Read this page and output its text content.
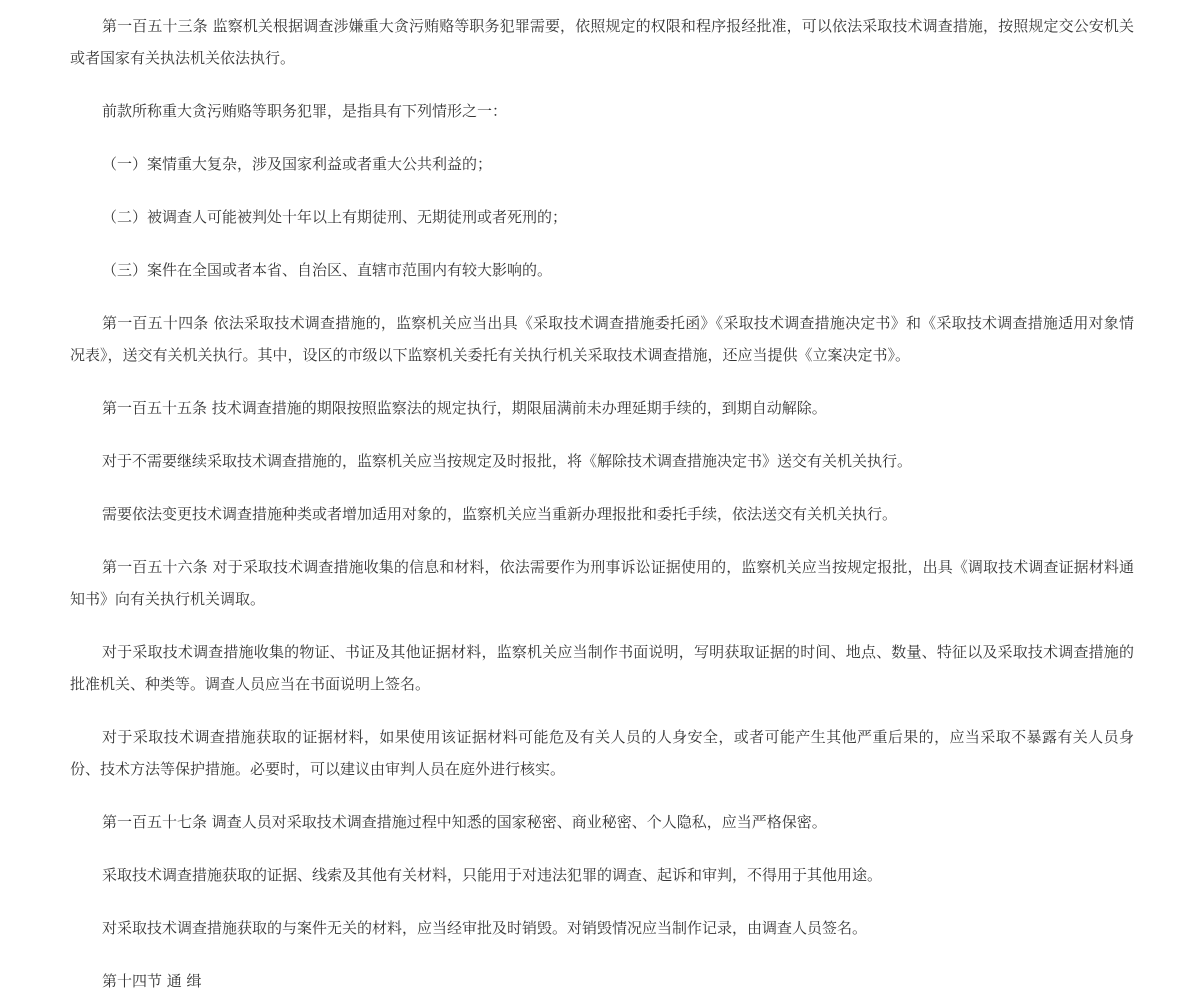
第一百五十三条 监察机关根据调查涉嫌重大贪污贿赂等职务犯罪需要，依照规定的权限和程序报经批准，可以依法采取技术调查措施，按照规定交公安机关或者国家有关执法机关依法执行。

前款所称重大贪污贿赂等职务犯罪，是指具有下列情形之一：

（一）案情重大复杂，涉及国家利益或者重大公共利益的；

（二）被调查人可能被判处十年以上有期徒刑、无期徒刑或者死刑的；

（三）案件在全国或者本省、自治区、直辖市范围内有较大影响的。

第一百五十四条 依法采取技术调查措施的，监察机关应当出具《采取技术调查措施委托函》《采取技术调查措施决定书》和《采取技术调查措施适用对象情况表》，送交有关机关执行。其中，设区的市级以下监察机关委托有关执行机关采取技术调查措施，还应当提供《立案决定书》。

第一百五十五条 技术调查措施的期限按照监察法的规定执行，期限届满前未办理延期手续的，到期自动解除。

对于不需要继续采取技术调查措施的，监察机关应当按规定及时报批，将《解除技术调查措施决定书》送交有关机关执行。

需要依法变更技术调查措施种类或者增加适用对象的，监察机关应当重新办理报批和委托手续，依法送交有关机关执行。

第一百五十六条 对于采取技术调查措施收集的信息和材料，依法需要作为刑事诉讼证据使用的，监察机关应当按规定报批，出具《调取技术调查证据材料通知书》向有关执行机关调取。

对于采取技术调查措施收集的物证、书证及其他证据材料，监察机关应当制作书面说明，写明获取证据的时间、地点、数量、特征以及采取技术调查措施的批准机关、种类等。调查人员应当在书面说明上签名。

对于采取技术调查措施获取的证据材料，如果使用该证据材料可能危及有关人员的人身安全，或者可能产生其他严重后果的，应当采取不暴露有关人员身份、技术方法等保护措施。必要时，可以建议由审判人员在庭外进行核实。

第一百五十七条 调查人员对采取技术调查措施过程中知悉的国家秘密、商业秘密、个人隐私，应当严格保密。

采取技术调查措施获取的证据、线索及其他有关材料，只能用于对违法犯罪的调查、起诉和审判，不得用于其他用途。

对采取技术调查措施获取的与案件无关的材料，应当经审批及时销毁。对销毁情况应当制作记录，由调查人员签名。

第十四节 通 缉
